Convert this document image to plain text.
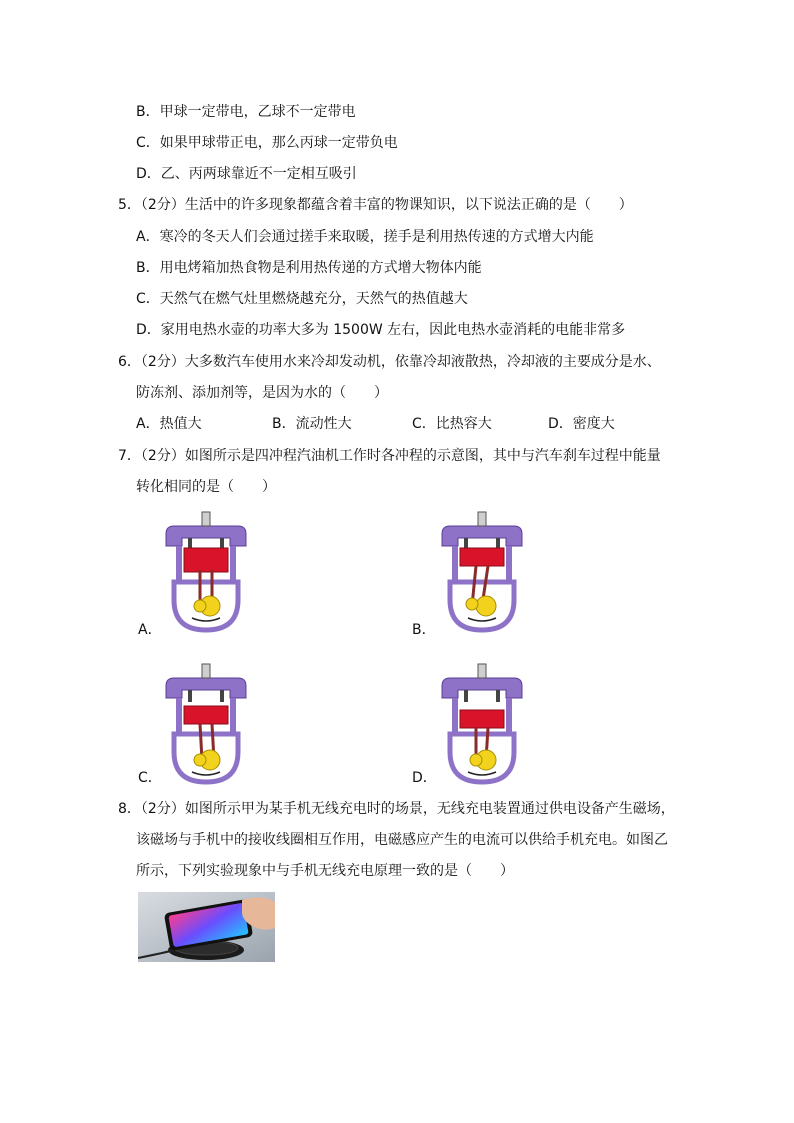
B．甲球一定带电，乙球不一定带电
C．如果甲球带正电，那么丙球一定带负电
D．乙、丙两球靠近不一定相互吸引
5．（2分）生活中的许多现象都蕴含着丰富的物课知识，以下说法正确的是（　　）
A．寒冷的冬天人们会通过搓手来取暖，搓手是利用热传速的方式增大内能
B．用电烤箱加热食物是利用热传递的方式增大物体内能
C．天然气在燃气灶里燃烧越充分，天然气的热值越大
D．家用电热水壶的功率大多为 1500W 左右，因此电热水壶消耗的电能非常多
6．（2分）大多数汽车使用水来冷却发动机，依靠冷却液散热，冷却液的主要成分是水、
防冻剂、添加剂等，是因为水的（　　）
A．热值大	B．流动性大	C．比热容大	D．密度大
7．（2分）如图所示是四冲程汽油机工作时各冲程的示意图，其中与汽车刹车过程中能量
转化相同的是（　　）
A．	B．
C．	D．
8．（2分）如图所示甲为某手机无线充电时的场景，无线充电装置通过供电设备产生磁场，
该磁场与手机中的接收线圈相互作用，电磁感应产生的电流可以供给手机充电。如图乙
所示，下列实验现象中与手机无线充电原理一致的是（　　）
